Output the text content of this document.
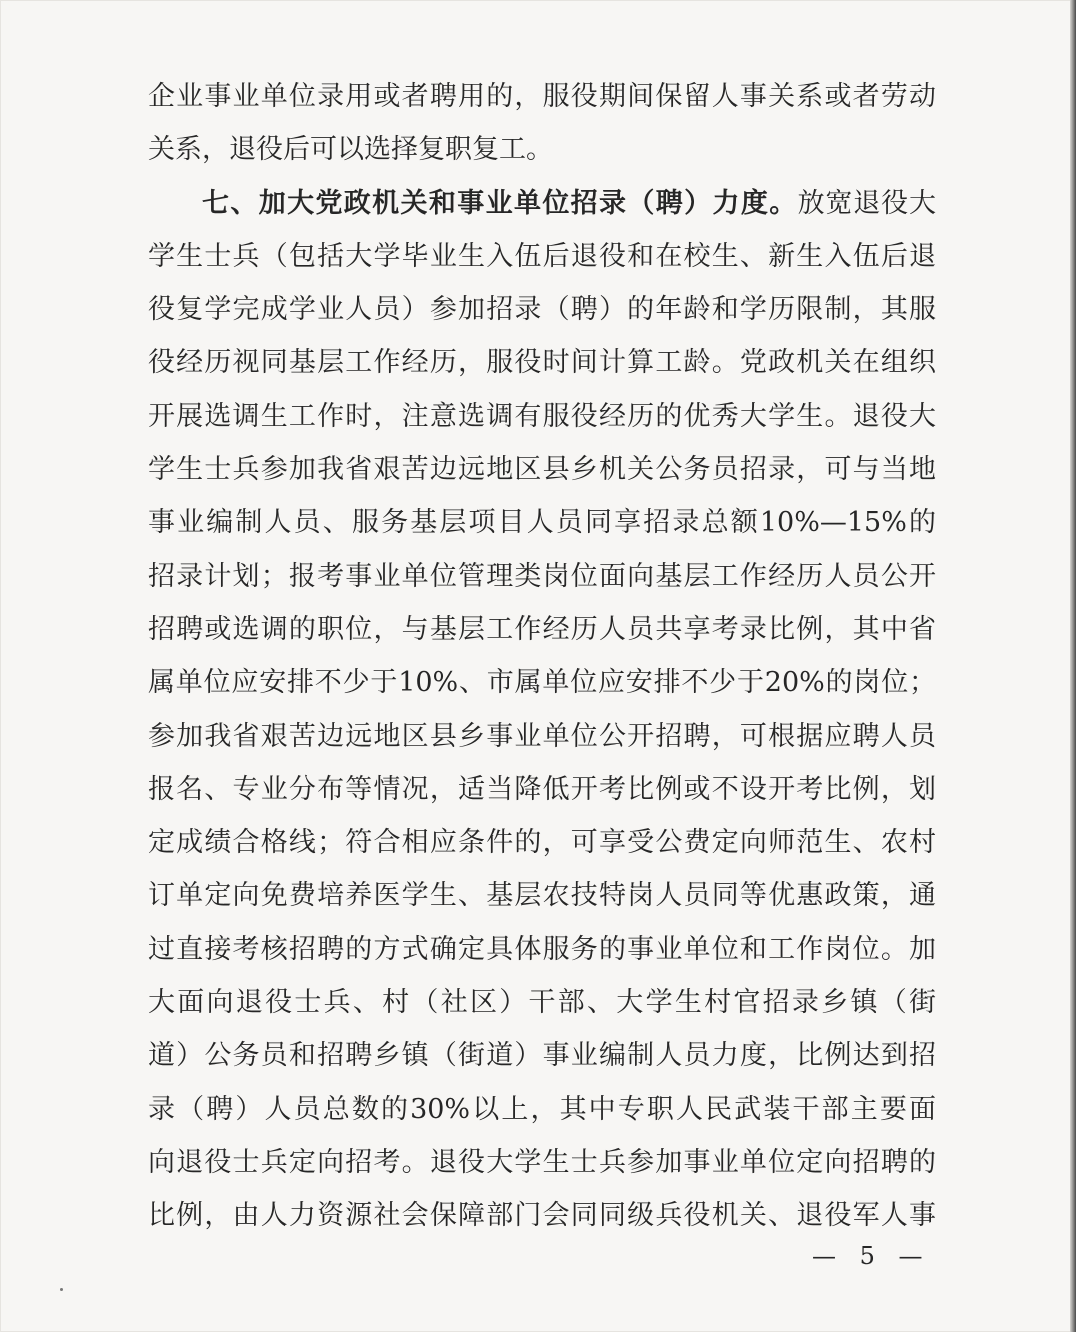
企业事业单位录用或者聘用的，服役期间保留人事关系或者劳动
关系，退役后可以选择复职复工。
七、加大党政机关和事业单位招录（聘）力度。放宽退役大
学生士兵（包括大学毕业生入伍后退役和在校生、新生入伍后退
役复学完成学业人员）参加招录（聘）的年龄和学历限制，其服
役经历视同基层工作经历，服役时间计算工龄。党政机关在组织
开展选调生工作时，注意选调有服役经历的优秀大学生。退役大
学生士兵参加我省艰苦边远地区县乡机关公务员招录，可与当地
事业编制人员、服务基层项目人员同享招录总额10%—15%的
招录计划；报考事业单位管理类岗位面向基层工作经历人员公开
招聘或选调的职位，与基层工作经历人员共享考录比例，其中省
属单位应安排不少于10%、市属单位应安排不少于20%的岗位；
参加我省艰苦边远地区县乡事业单位公开招聘，可根据应聘人员
报名、专业分布等情况，适当降低开考比例或不设开考比例，划
定成绩合格线；符合相应条件的，可享受公费定向师范生、农村
订单定向免费培养医学生、基层农技特岗人员同等优惠政策，通
过直接考核招聘的方式确定具体服务的事业单位和工作岗位。加
大面向退役士兵、村（社区）干部、大学生村官招录乡镇（街
道）公务员和招聘乡镇（街道）事业编制人员力度，比例达到招
录（聘）人员总数的30%以上，其中专职人民武装干部主要面
向退役士兵定向招考。退役大学生士兵参加事业单位定向招聘的
比例，由人力资源社会保障部门会同同级兵役机关、退役军人事
— 5 —
